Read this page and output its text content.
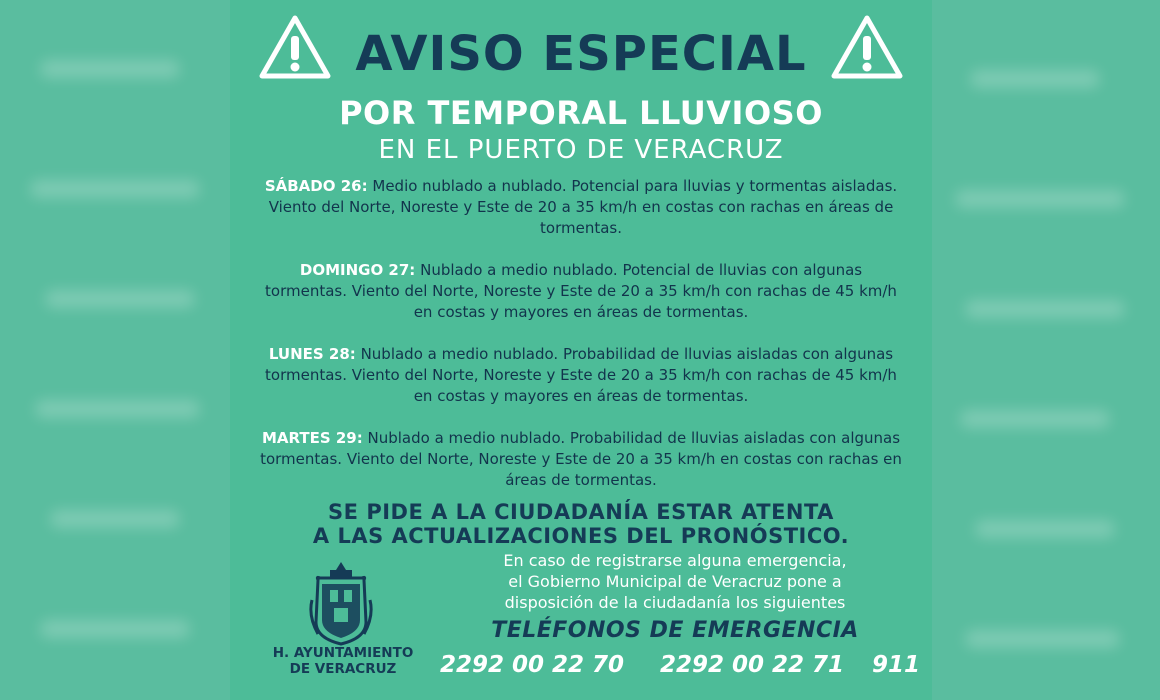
AVISO ESPECIAL
POR TEMPORAL LLUVIOSO
EN EL PUERTO DE VERACRUZ
SÁBADO 26: Medio nublado a nublado. Potencial para lluvias y tormentas aisladas. Viento del Norte, Noreste y Este de 20 a 35 km/h en costas con rachas en áreas de tormentas.
DOMINGO 27: Nublado a medio nublado. Potencial de lluvias con algunas tormentas. Viento del Norte, Noreste y Este de 20 a 35 km/h con rachas de 45 km/h en costas y mayores en áreas de tormentas.
LUNES 28: Nublado a medio nublado. Probabilidad de lluvias aisladas con algunas tormentas. Viento del Norte, Noreste y Este de 20 a 35 km/h con rachas de 45 km/h en costas y mayores en áreas de tormentas.
MARTES 29: Nublado a medio nublado. Probabilidad de lluvias aisladas con algunas tormentas. Viento del Norte, Noreste y Este de 20 a 35 km/h en costas con rachas en áreas de tormentas.
SE PIDE A LA CIUDADANÍA ESTAR ATENTA
A LAS ACTUALIZACIONES DEL PRONÓSTICO.
H. AYUNTAMIENTO
DE VERACRUZ
En caso de registrarse alguna emergencia,
el Gobierno Municipal de Veracruz pone a
disposición de la ciudadanía los siguientes
TELÉFONOS DE EMERGENCIA
2292 00 22 70 2292 00 22 71 911
